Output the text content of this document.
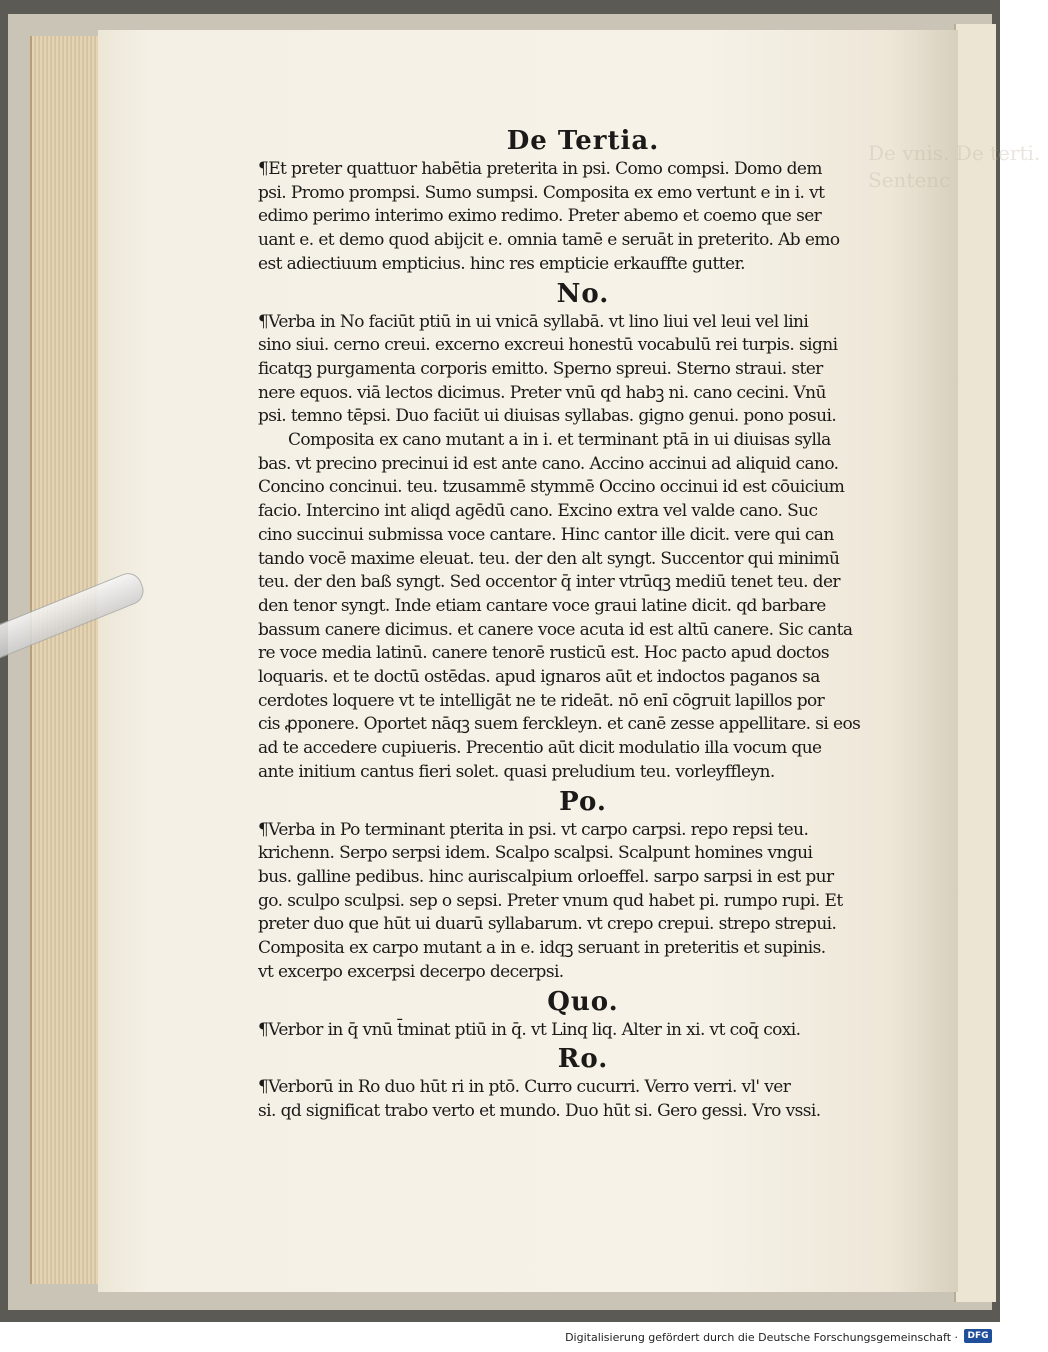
De vnis. De terti.
Sentenc
De Tertia.
¶Et preter quattuor habētia preterita in psi. Como compsi. Domo dem
psi. Promo prompsi. Sumo sumpsi. Composita ex emo vertunt e in i. vt
edimo perimo interimo eximo redimo. Preter abemo et coemo que ser
uant e. et demo quod abijcit e. omnia tamē e seruāt in preterito. Ab emo
est adiectiuum empticius. hinc res empticie erkauffte gutter.
No.
¶Verba in No faciūt ptiū in ui vnicā syllabā. vt lino liui vel leui vel lini
sino siui. cerno creui. excerno excreui honestū vocabulū rei turpis. signi
ficatqꝫ purgamenta corporis emitto. Sperno spreui. Sterno straui. ster
nere equos. viā lectos dicimus. Preter vnū qd habꝫ ni. cano cecini. Vnū
psi. temno tēpsi. Duo faciūt ui diuisas syllabas. gigno genui. pono posui.
Composita ex cano mutant a in i. et terminant ptā in ui diuisas sylla
bas. vt precino precinui id est ante cano. Accino accinui ad aliquid cano.
Concino concinui. teu. tzusammē stymmē Occino occinui id est cōuicium
facio. Intercino int aliqd agēdū cano. Excino extra vel valde cano. Suc
cino succinui submissa voce cantare. Hinc cantor ille dicit. vere qui can
tando vocē maxime eleuat. teu. der den alt syngt. Succentor qui minimū
teu. der den baß syngt. Sed occentor q̄ inter vtrūqꝫ mediū tenet teu. der
den tenor syngt. Inde etiam cantare voce graui latine dicit. qd barbare
bassum canere dicimus. et canere voce acuta id est altū canere. Sic canta
re voce media latinū. canere tenorē rusticū est. Hoc pacto apud doctos
loquaris. et te doctū ostēdas. apud ignaros aūt et indoctos paganos sa
cerdotes loquere vt te intelligāt ne te rideāt. nō enī cōgruit lapillos por
cis ꝓponere. Oportet nāqꝫ suem ferckleyn. et canē zesse appellitare. si eos
ad te accedere cupiueris. Precentio aūt dicit modulatio illa vocum que
ante initium cantus fieri solet. quasi preludium teu. vorleyffleyn.
Po.
¶Verba in Po terminant pterita in psi. vt carpo carpsi. repo repsi teu.
krichenn. Serpo serpsi idem. Scalpo scalpsi. Scalpunt homines vngui
bus. galline pedibus. hinc auriscalpium orloeffel. sarpo sarpsi in est pur
go. sculpo sculpsi. sep o sepsi. Preter vnum qud habet pi. rumpo rupi. Et
preter duo que hūt ui duarū syllabarum. vt crepo crepui. strepo strepui.
Composita ex carpo mutant a in e. idqꝫ seruant in preteritis et supinis.
vt excerpo excerpsi decerpo decerpsi.
Quo.
¶Verbor in q̄ vnū t̄minat ptiū in q̄. vt Linq liq. Alter in xi. vt coq̄ coxi.
Ro.
¶Verborū in Ro duo hūt ri in ptō. Curro cucurri. Verro verri. vl' ver
si. qd significat trabo verto et mundo. Duo hūt si. Gero gessi. Vro vssi.
Digitalisierung gefördert durch die Deutsche Forschungsgemeinschaft ·	DFG
